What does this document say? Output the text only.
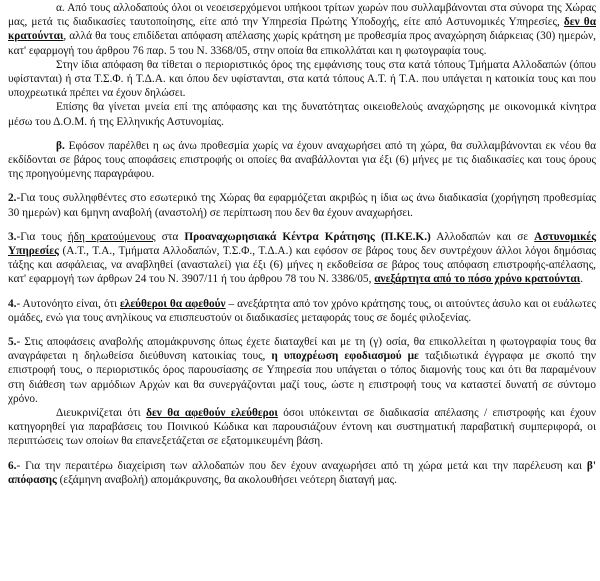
α. Από τους αλλοδαπούς όλοι οι νεοεισερχόμενοι υπήκοοι τρίτων χωρών που συλλαμβάνονται στα σύνορα της Χώρας μας, μετά τις διαδικασίες ταυτοποίησης, είτε από την Υπηρεσία Πρώτης Υποδοχής, είτε από Αστυνομικές Υπηρεσίες, δεν θα κρατούνται, αλλά θα τους επιδίδεται απόφαση απέλασης χωρίς κράτηση με προθεσμία προς αναχώρηση διάρκειας (30) ημερών, κατ' εφαρμογή του άρθρου 76 παρ. 5 του Ν. 3368/05, στην οποία θα επικολλάται και η φωτογραφία τους.

Στην ίδια απόφαση θα τίθεται ο περιοριστικός όρος της εμφάνισης τους στα κατά τόπους Τμήματα Αλλοδαπών (όπου υφίστανται) ή στα Τ.Σ.Φ. ή Τ.Δ.Α. και όπου δεν υφίστανται, στα κατά τόπους Α.Τ. ή Τ.Α. που υπάγεται η κατοικία τους και που υποχρεωτικά πρέπει να έχουν δηλώσει.

Επίσης θα γίνεται μνεία επί της απόφασης και της δυνατότητας οικειοθελούς αναχώρησης με οικονομικά κίνητρα μέσω του Δ.Ο.Μ. ή της Ελληνικής Αστυνομίας.

β. Εφόσον παρέλθει η ως άνω προθεσμία χωρίς να έχουν αναχωρήσει από τη χώρα, θα συλλαμβάνονται εκ νέου θα εκδίδονται σε βάρος τους αποφάσεις επιστροφής οι οποίες θα αναβάλλονται για έξι (6) μήνες με τις διαδικασίες και τους όρους της προηγούμενης παραγράφου.

2.-Για τους συλληφθέντες στο εσωτερικό της Χώρας θα εφαρμόζεται ακριβώς η ίδια ως άνω διαδικασία (χορήγηση προθεσμίας 30 ημερών) και 6μηνη αναβολή (αναστολή) σε περίπτωση που δεν θα έχουν αναχωρήσει.

3.-Για τους ήδη κρατούμενους στα Προαναχωρησιακά Κέντρα Κράτησης (Π.ΚΕ.Κ.) Αλλοδαπών και σε Αστυνομικές Υπηρεσίες (Α.Τ., Τ.Α., Τμήματα Αλλοδαπών, Τ.Σ.Φ., Τ.Δ.Α.) και εφόσον σε βάρος τους δεν συντρέχουν άλλοι λόγοι δημόσιας τάξης και ασφάλειας, να αναβληθεί (ανασταλεί) για έξι (6) μήνες η εκδοθείσα σε βάρος τους απόφαση επιστροφής-απέλασης, κατ' εφαρμογή των άρθρων 24 του Ν. 3907/11 ή του άρθρου 78 του Ν. 3386/05, ανεξάρτητα από το πόσο χρόνο κρατούνται.

4.- Αυτονόητο είναι, ότι ελεύθεροι θα αφεθούν – ανεξάρτητα από τον χρόνο κράτησης τους, οι αιτούντες άσυλο και οι ευάλωτες ομάδες, ενώ για τους ανηλίκους να επισπευστούν οι διαδικασίες μεταφοράς τους σε δομές φιλοξενίας.

5.- Στις αποφάσεις αναβολής απομάκρυνσης όπως έχετε διαταχθεί και με τη (γ) οσία, θα επικολλείται η φωτογραφία τους θα αναγράφεται η δηλωθείσα διεύθυνση κατοικίας τους, η υποχρέωση εφοδιασμού με ταξιδιωτικά έγγραφα με σκοπό την επιστροφή τους, ο περιοριστικός όρος παρουσίασης σε Υπηρεσία που υπάγεται ο τόπος διαμονής τους και ότι θα παραμένουν στη διάθεση των αρμόδιων Αρχών και θα συνεργάζονται μαζί τους, ώστε η επιστροφή τους να καταστεί δυνατή σε σύντομο χρόνο.

Διευκρινίζεται ότι δεν θα αφεθούν ελεύθεροι όσοι υπόκεινται σε διαδικασία απέλασης / επιστροφής και έχουν κατηγορηθεί για παραβάσεις του Ποινικού Κώδικα και παρουσιάζουν έντονη και συστηματική παραβατική συμπεριφορά, οι περιπτώσεις των οποίων θα επανεξετάζεται σε εξατομικευμένη βάση.

6.- Για την περαιτέρω διαχείριση των αλλοδαπών που δεν έχουν αναχωρήσει από τη χώρα μετά και την παρέλευση και β' απόφασης (εξάμηνη αναβολή) απομάκρυνσης, θα ακολουθήσει νεότερη διαταγή μας.
